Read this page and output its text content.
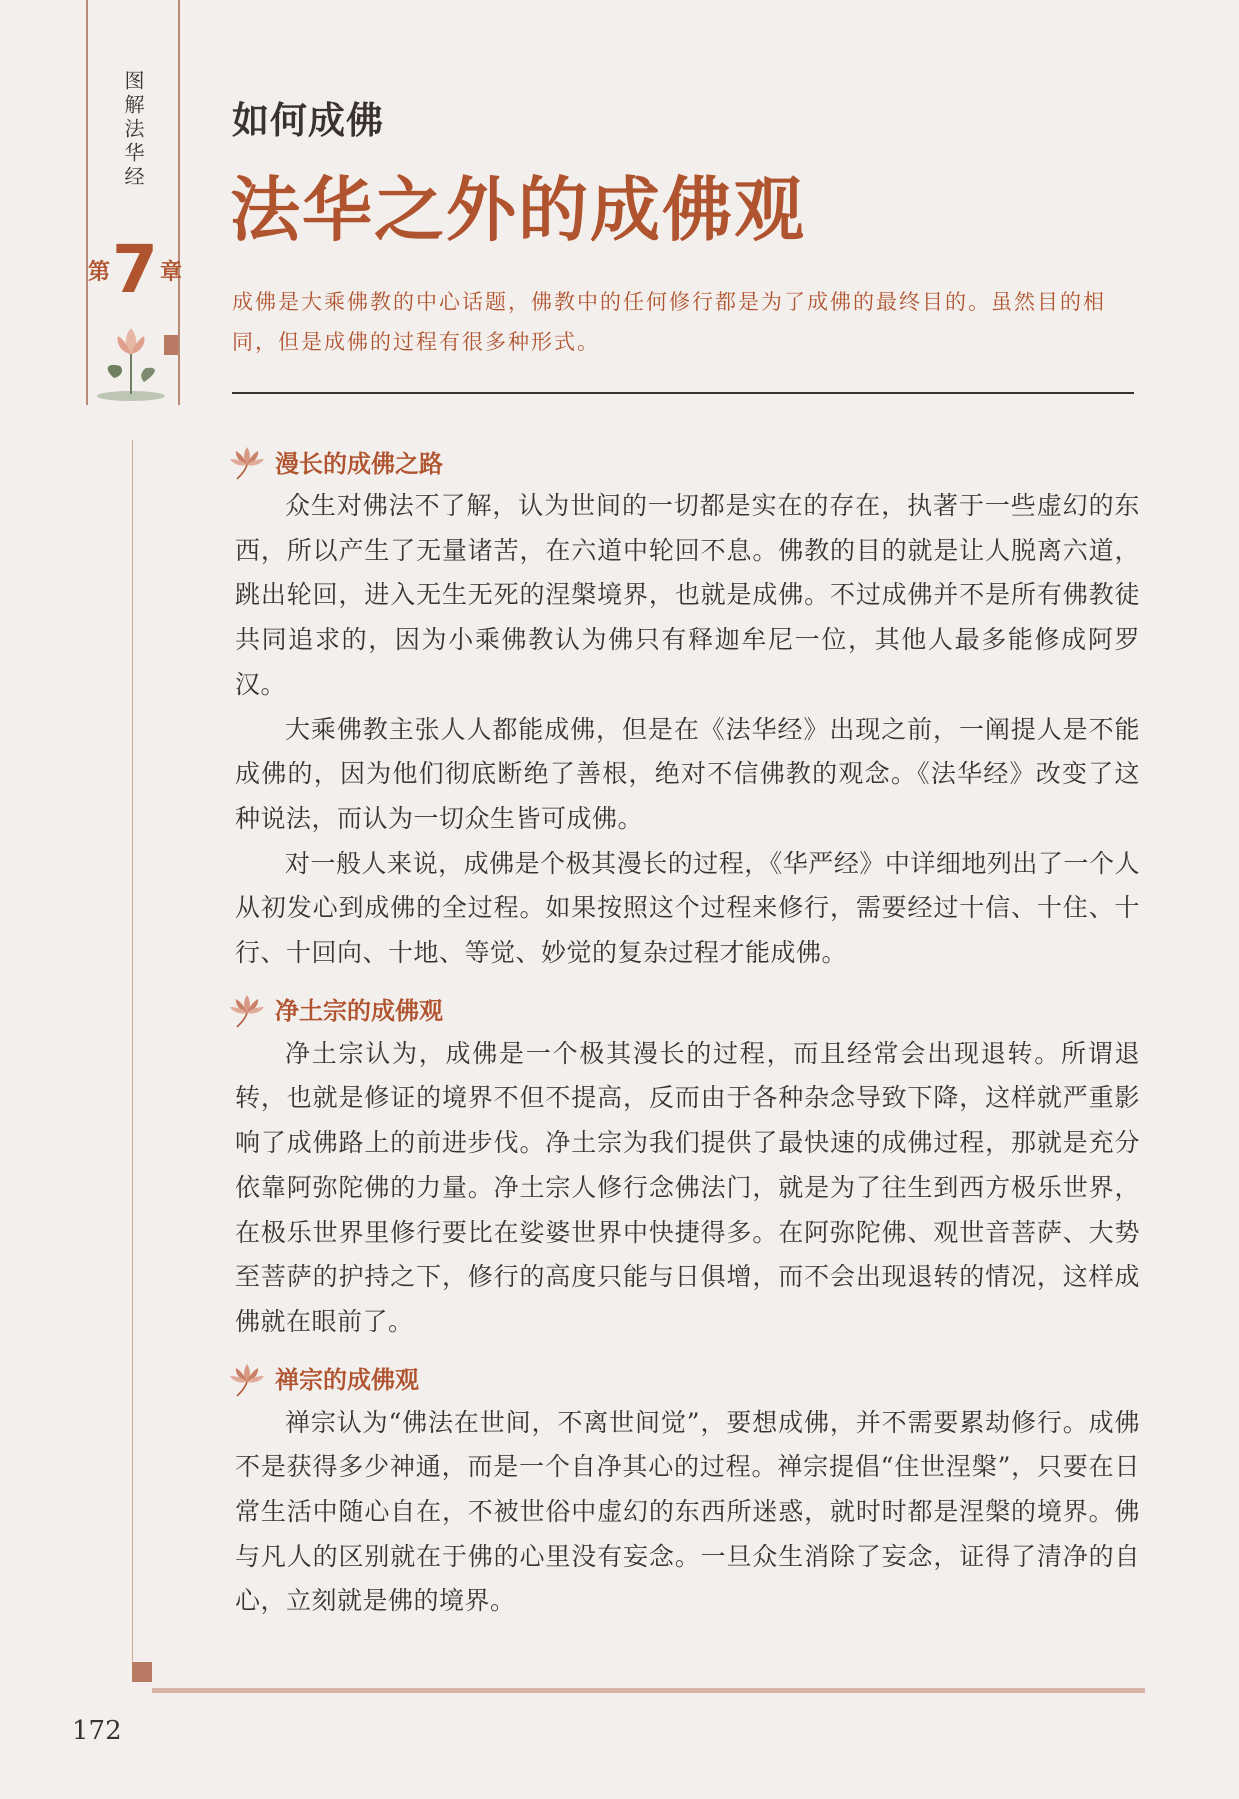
图解法华经
第 7 章
如何成佛
法华之外的成佛观
成佛是大乘佛教的中心话题，佛教中的任何修行都是为了成佛的最终目的。虽然目的相同，但是成佛的过程有很多种形式。
漫长的成佛之路

众生对佛法不了解，认为世间的一切都是实在的存在，执著于一些虚幻的东西，所以产生了无量诸苦，在六道中轮回不息。佛教的目的就是让人脱离六道，跳出轮回，进入无生无死的涅槃境界，也就是成佛。不过成佛并不是所有佛教徒共同追求的，因为小乘佛教认为佛只有释迦牟尼一位，其他人最多能修成阿罗汉。

大乘佛教主张人人都能成佛，但是在《法华经》出现之前，一阐提人是不能成佛的，因为他们彻底断绝了善根，绝对不信佛教的观念。《法华经》改变了这种说法，而认为一切众生皆可成佛。

对一般人来说，成佛是个极其漫长的过程，《华严经》中详细地列出了一个人从初发心到成佛的全过程。如果按照这个过程来修行，需要经过十信、十住、十行、十回向、十地、等觉、妙觉的复杂过程才能成佛。

净土宗的成佛观

净土宗认为，成佛是一个极其漫长的过程，而且经常会出现退转。所谓退转，也就是修证的境界不但不提高，反而由于各种杂念导致下降，这样就严重影响了成佛路上的前进步伐。净土宗为我们提供了最快速的成佛过程，那就是充分依靠阿弥陀佛的力量。净土宗人修行念佛法门，就是为了往生到西方极乐世界，在极乐世界里修行要比在娑婆世界中快捷得多。在阿弥陀佛、观世音菩萨、大势至菩萨的护持之下，修行的高度只能与日俱增，而不会出现退转的情况，这样成佛就在眼前了。

禅宗的成佛观

禅宗认为“佛法在世间，不离世间觉”，要想成佛，并不需要累劫修行。成佛不是获得多少神通，而是一个自净其心的过程。禅宗提倡“住世涅槃”，只要在日常生活中随心自在，不被世俗中虚幻的东西所迷惑，就时时都是涅槃的境界。佛与凡人的区别就在于佛的心里没有妄念。一旦众生消除了妄念，证得了清净的自心，立刻就是佛的境界。

172
